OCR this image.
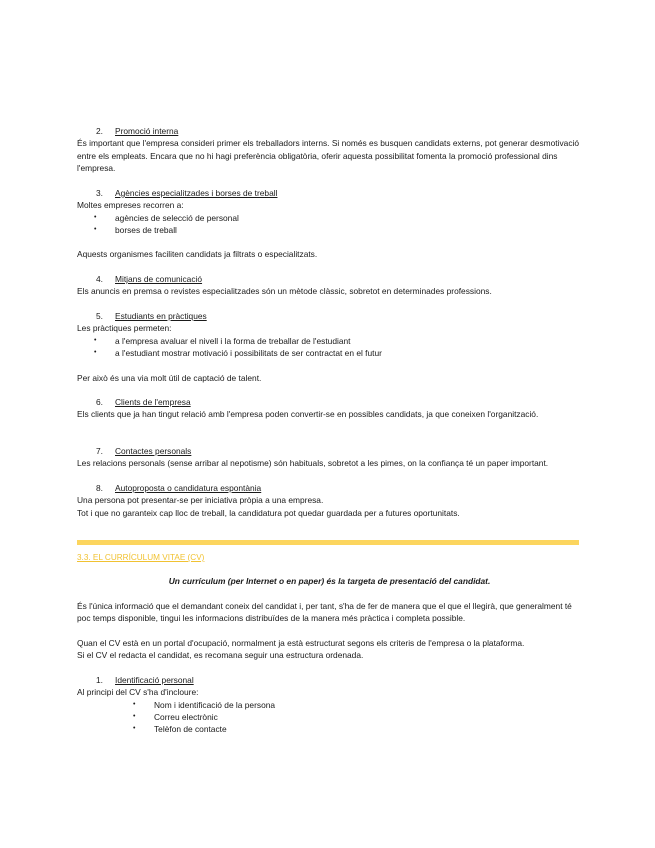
2. Promoció interna

És important que l'empresa consideri primer els treballadors interns. Si només es busquen candidats externs, pot generar desmotivació entre els empleats. Encara que no hi hagi preferència obligatòria, oferir aquesta possibilitat fomenta la promoció professional dins l'empresa.

3. Agències especialitzades i borses de treball

Moltes empreses recorren a:

• agències de selecció de personal
• borses de treball

Aquests organismes faciliten candidats ja filtrats o especialitzats.

4. Mitjans de comunicació

Els anuncis en premsa o revistes especialitzades són un mètode clàssic, sobretot en determinades professions.

5. Estudiants en pràctiques

Les pràctiques permeten:

• a l'empresa avaluar el nivell i la forma de treballar de l'estudiant
• a l'estudiant mostrar motivació i possibilitats de ser contractat en el futur

Per això és una via molt útil de captació de talent.

6. Clients de l'empresa

Els clients que ja han tingut relació amb l'empresa poden convertir-se en possibles candidats, ja que coneixen l'organització.

7. Contactes personals

Les relacions personals (sense arribar al nepotisme) són habituals, sobretot a les pimes, on la confiança té un paper important.

8. Autoproposta o candidatura espontània

Una persona pot presentar-se per iniciativa pròpia a una empresa.

Tot i que no garanteix cap lloc de treball, la candidatura pot quedar guardada per a futures oportunitats.

3.3. EL CURRÍCULUM VITAE (CV)

Un currículum (per Internet o en paper) és la targeta de presentació del candidat.

És l'única informació que el demandant coneix del candidat i, per tant, s'ha de fer de manera que el que el llegirà, que generalment té poc temps disponible, tingui les informacions distribuïdes de la manera més pràctica i completa possible.

Quan el CV està en un portal d'ocupació, normalment ja està estructurat segons els criteris de l'empresa o la plataforma.

Si el CV el redacta el candidat, es recomana seguir una estructura ordenada.

1. Identificació personal

Al principi del CV s'ha d'incloure:

• Nom i identificació de la persona
• Correu electrònic
• Telèfon de contacte
